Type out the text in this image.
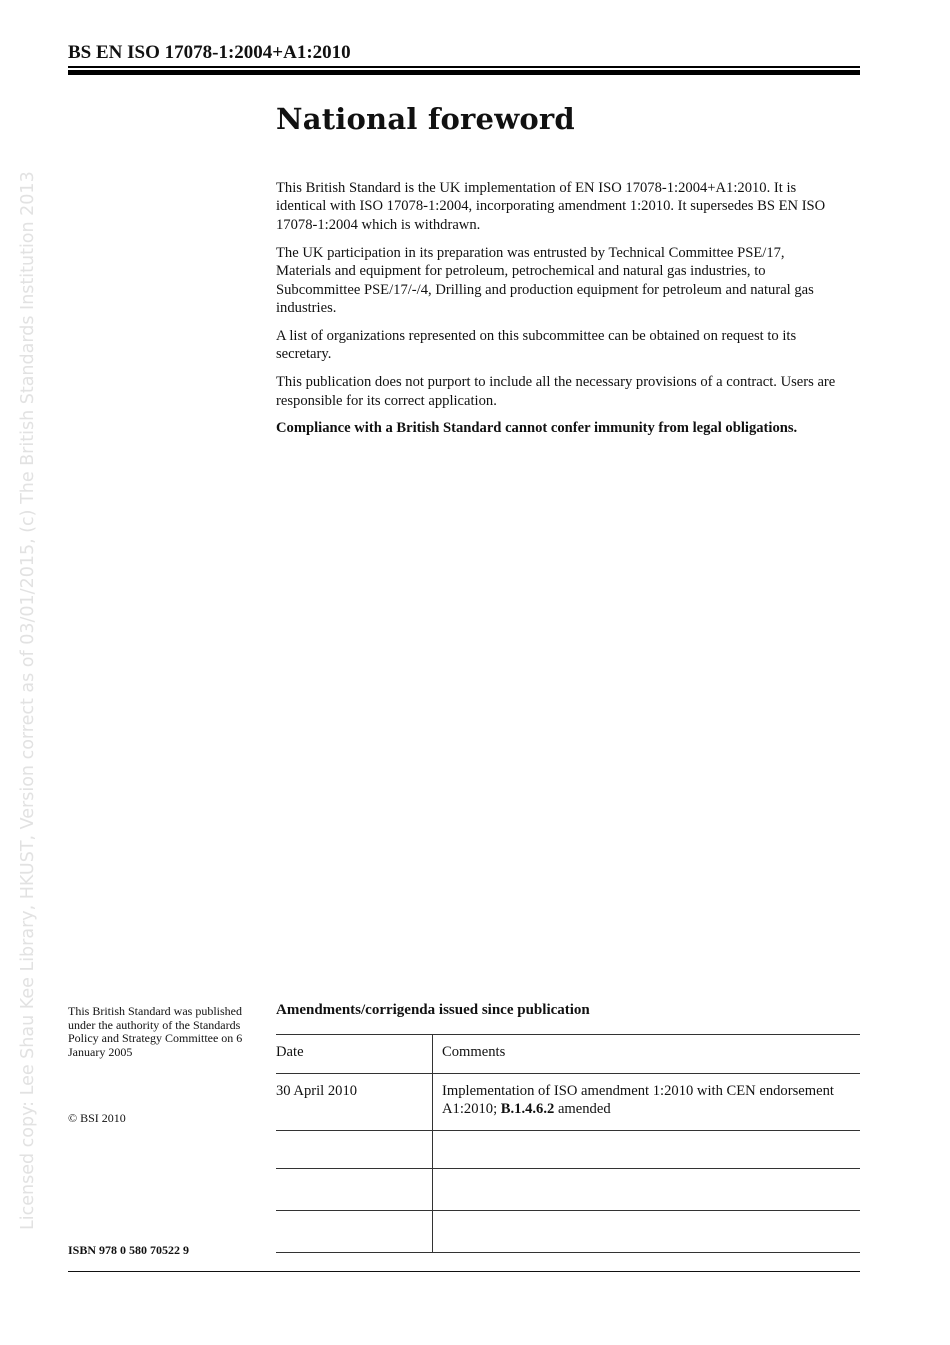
BS EN ISO 17078-1:2004+A1:2010
Licensed copy: Lee Shau Kee Library, HKUST, Version correct as of 03/01/2015, (c) The British Standards Institution 2013
National foreword

This British Standard is the UK implementation of EN ISO 17078-1:2004+A1:2010. It is identical with ISO 17078-1:2004, incorporating amendment 1:2010. It supersedes BS EN ISO 17078-1:2004 which is withdrawn.

The UK participation in its preparation was entrusted by Technical Committee PSE/17, Materials and equipment for petroleum, petrochemical and natural gas industries, to Subcommittee PSE/17/-/4, Drilling and production equipment for petroleum and natural gas industries.

A list of organizations represented on this subcommittee can be obtained on request to its secretary.

This publication does not purport to include all the necessary provisions of a contract. Users are responsible for its correct application.

Compliance with a British Standard cannot confer immunity from legal obligations.

This British Standard was published under the authority of the Standards Policy and Strategy Committee on 6 January 2005
© BSI 2010
ISBN 978 0 580 70522 9
Amendments/corrigenda issued since publication
Date	Comments
30 April 2010	Implementation of ISO amendment 1:2010 with CEN endorsement A1:2010; B.1.4.6.2 amended
